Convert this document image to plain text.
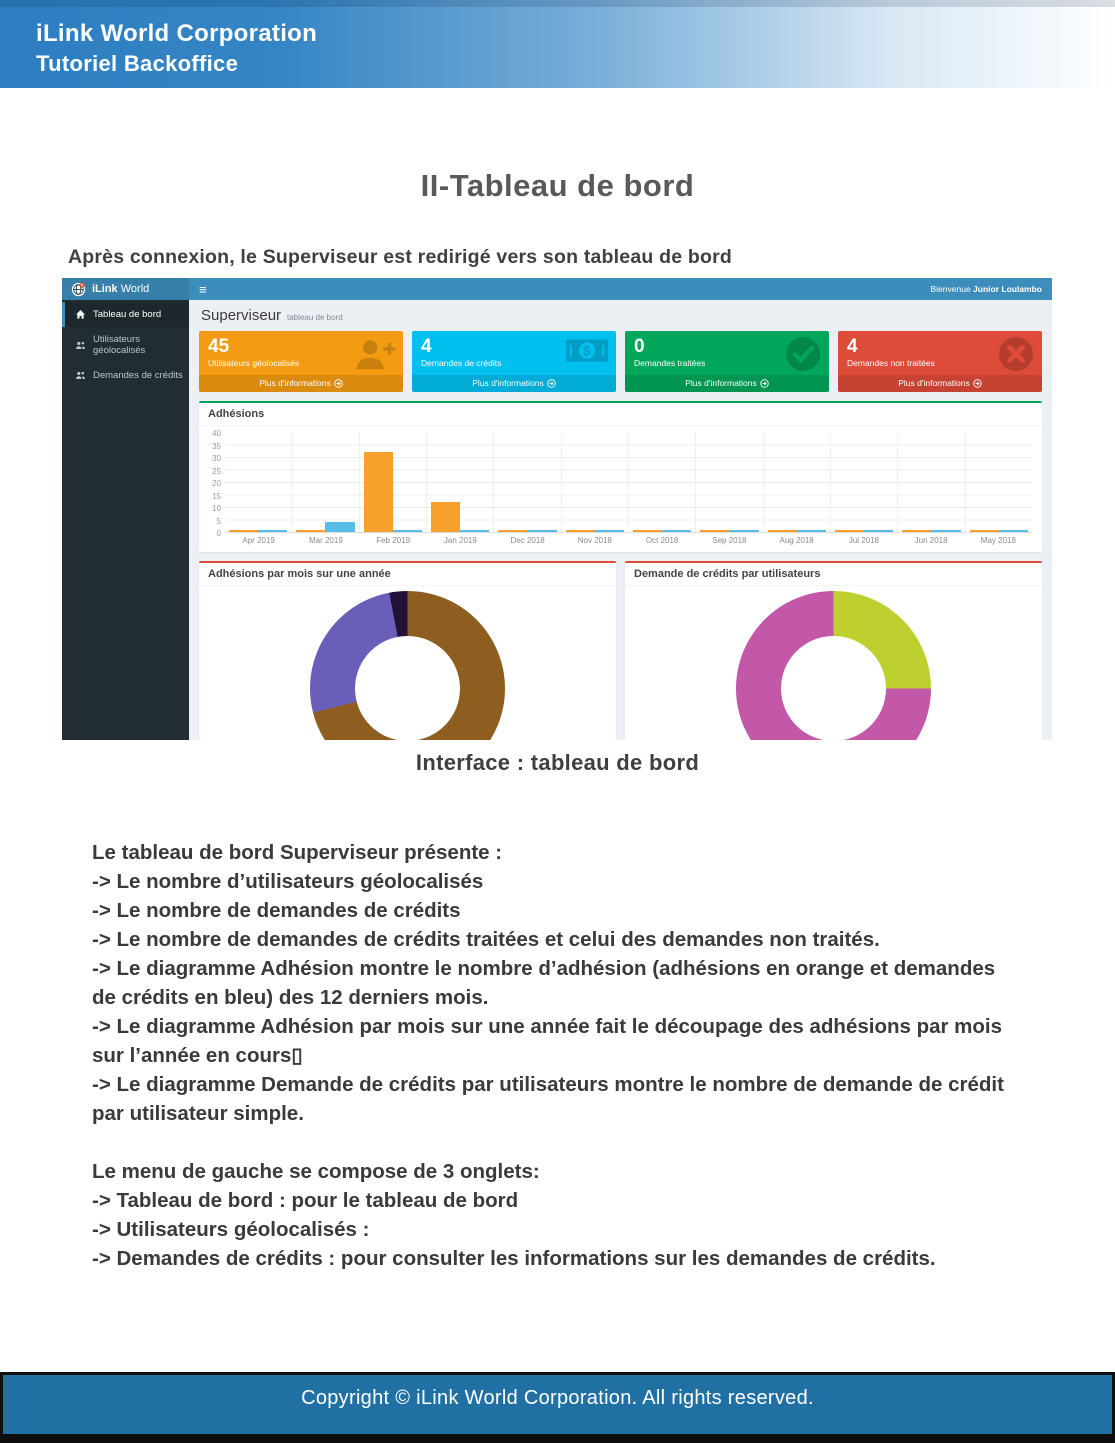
iLink World Corporation
Tutoriel Backoffice
II-Tableau de bord
Après connexion, le Superviseur est redirigé vers son tableau de bord
iLink World	≡	Bienvenue Junior Loulambo
Tableau de bord
Utilisateurs géolocalisés
Demandes de crédits
Superviseur tableau de bord
45
Utilisateurs géolocalisés
Plus d'informations
4
Demandes de crédits
$
Plus d'informations
0
Demandes traitées
Plus d'informations
4
Demandes non traitées
Plus d'informations
Adhésions
40
35
30
25
20
15
10
5
0
Apr 2019	Mar 2019	Feb 2019	Jan 2019	Dec 2018	Nov 2018	Oct 2018	Sep 2018	Aug 2018	Jul 2018	Jun 2018	May 2018
Adhésions par mois sur une année	Demande de crédits par utilisateurs
Interface : tableau de bord
Le tableau de bord Superviseur présente :
-> Le nombre d’utilisateurs géolocalisés
-> Le nombre de demandes de crédits
-> Le nombre de demandes de crédits traitées et celui des demandes non traités.
-> Le diagramme Adhésion montre le nombre d’adhésion (adhésions en orange et demandes
de crédits en bleu) des 12 derniers mois.
-> Le diagramme Adhésion par mois sur une année fait le découpage des adhésions par mois
sur l’année en cours▯
-> Le diagramme Demande de crédits par utilisateurs montre le nombre de demande de crédit
par utilisateur simple.
Le menu de gauche se compose de 3 onglets:
-> Tableau de bord : pour le tableau de bord
-> Utilisateurs géolocalisés :
-> Demandes de crédits : pour consulter les informations sur les demandes de crédits.
Copyright © iLink World Corporation. All rights reserved.
